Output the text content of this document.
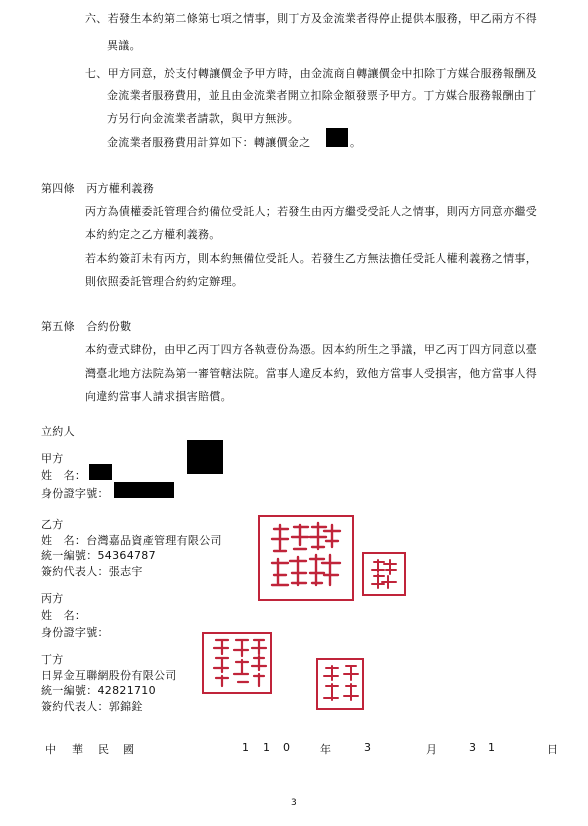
六、若發生本約第二條第七項之情事，則丁方及金流業者得停止提供本服務，甲乙兩方不得
異議。
七、甲方同意，於支付轉讓價金予甲方時，由金流商自轉讓價金中扣除丁方媒合服務報酬及
金流業者服務費用，並且由金流業者開立扣除金額發票予甲方。丁方媒合服務報酬由丁
方另行向金流業者請款，與甲方無涉。
金流業者服務費用計算如下：轉讓價金之	。
第四條　丙方權利義務
丙方為債權委託管理合約備位受託人；若發生由丙方繼受受託人之情事，則丙方同意亦繼受
本約約定之乙方權利義務。
若本約簽訂未有丙方，則本約無備位受託人。若發生乙方無法擔任受託人權利義務之情事，
則依照委託管理合約約定辦理。
第五條　合約份數
本約壹式肆份，由甲乙丙丁四方各執壹份為憑。因本約所生之爭議，甲乙丙丁四方同意以臺
灣臺北地方法院為第一審管轄法院。當事人違反本約，致他方當事人受損害，他方當事人得
向違約當事人請求損害賠償。
立約人
甲方
姓　名：
身份證字號：
乙方
姓　名：台灣嘉品資產管理有限公司
統一編號：54364787
簽約代表人：張志宇
丙方
姓　名：
身份證字號：
丁方
日昇金互聯網股份有限公司
統一編號：42821710
簽約代表人：郭錦銓
中 華 民 國	1 1 0	年	3	月	3 1	日
3
